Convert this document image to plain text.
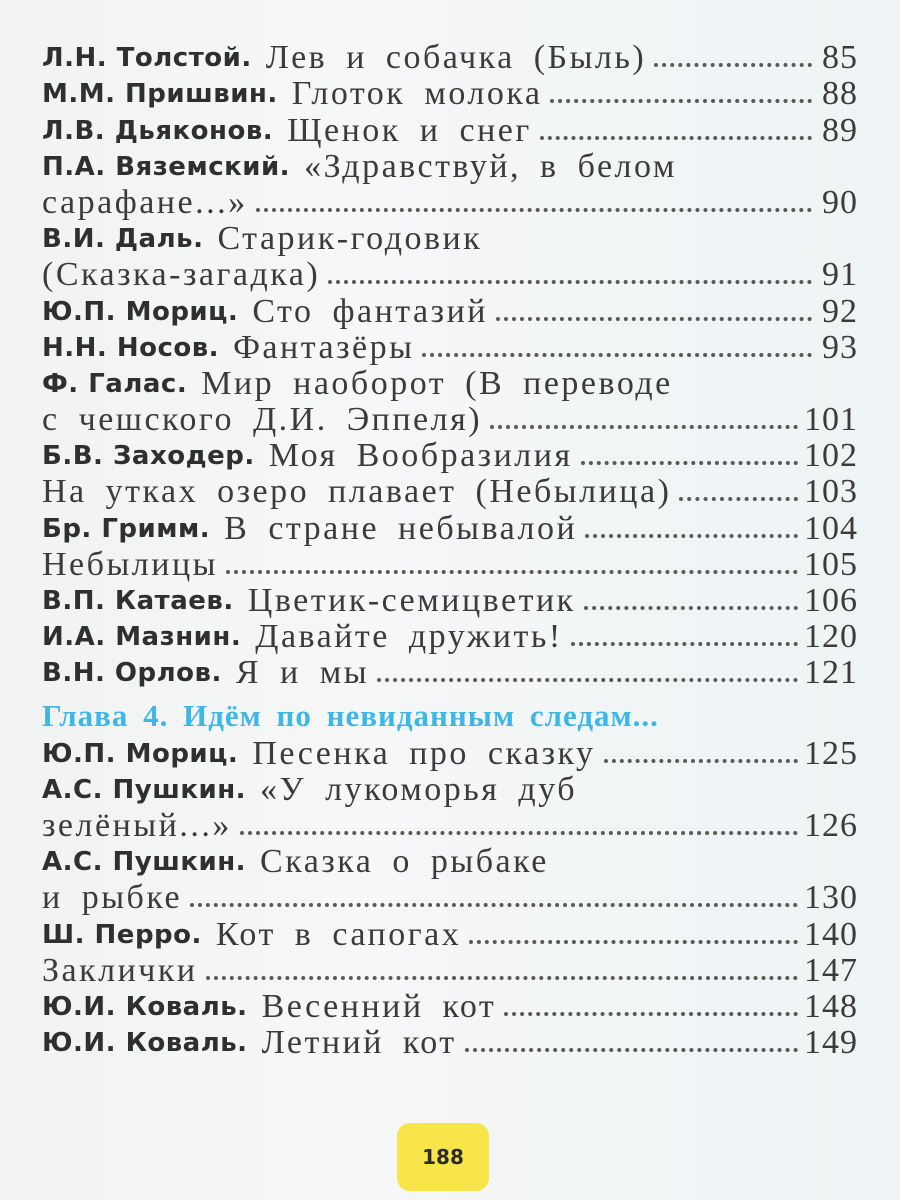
Л.Н. Толстой. Лев и собачка (Быль)	85
М.М. Пришвин. Глоток молока	88
Л.В. Дьяконов. Щенок и снег	89
П.А. Вяземский. «Здравствуй, в белом
сарафане...»	90
В.И. Даль. Старик-годовик
(Сказка-загадка)	91
Ю.П. Мориц. Сто фантазий	92
Н.Н. Носов. Фантазёры	93
Ф. Галас. Мир наоборот (В переводе
с чешского Д.И. Эппеля)	101
Б.В. Заходер. Моя Вообразилия	102
На утках озеро плавает (Небылица)	103
Бр. Гримм. В стране небывалой	104
Небылицы	105
В.П. Катаев. Цветик-семицветик	106
И.А. Мазнин. Давайте дружить!	120
В.Н. Орлов. Я и мы	121
Глава 4. Идём по невиданным следам...
Ю.П. Мориц. Песенка про сказку	125
А.С. Пушкин. «У лукоморья дуб
зелёный...»	126
А.С. Пушкин. Сказка о рыбаке
и рыбке	130
Ш. Перро. Кот в сапогах	140
Заклички	147
Ю.И. Коваль. Весенний кот	148
Ю.И. Коваль. Летний кот	149
188
